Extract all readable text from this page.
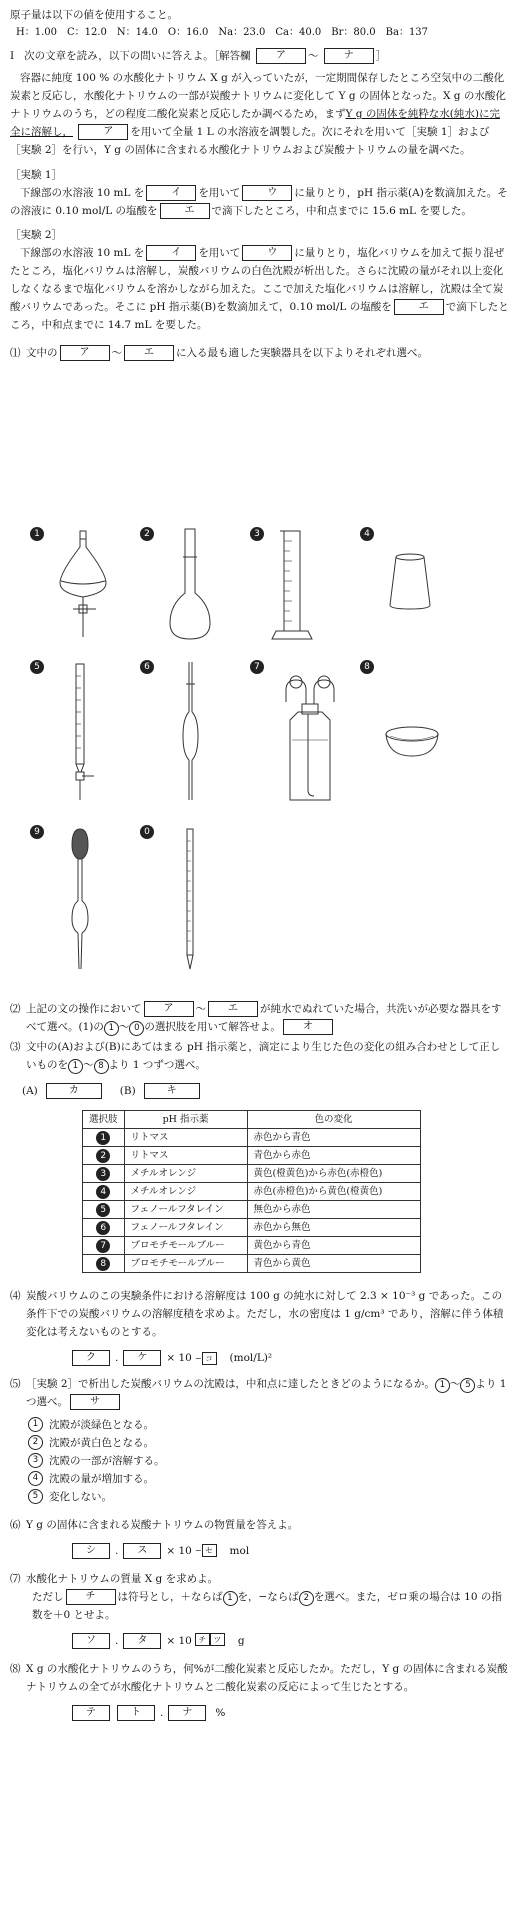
原子量は以下の値を使用すること。

H：1.00　C：12.0　N：14.0　O：16.0　Na：23.0　Ca：40.0　Br：80.0　Ba：137

Ⅰ 次の文章を読み，以下の問いに答えよ。［解答欄	ア 〜	ナ ］

容器に純度 100 % の水酸化ナトリウム X g が入っていたが，一定期間保存したところ空気中の二酸化炭素と反応し，水酸化ナトリウムの一部が炭酸ナトリウムに変化して Y g の固体となった。X g の水酸化ナトリウムのうち，どの程度二酸化炭素と反応したか調べるため，まずY g の固体を純粋な水(純水)に完全に溶解し，	ア を用いて全量 1 L の水溶液を調製した。次にそれを用いて［実験 1］および［実験 2］を行い，Y g の固体に含まれる水酸化ナトリウムおよび炭酸ナトリウムの量を調べた。

［実験 1］

下線部の水溶液 10 mL を	イ を用いて	ウ に量りとり，pH 指示薬(A)を数滴加えた。その溶液に 0.10 mol/L の塩酸を	エ で滴下したところ，中和点までに 15.6 mL を要した。

［実験 2］

下線部の水溶液 10 mL を	イ を用いて	ウ に量りとり，塩化バリウムを加えて振り混ぜたところ，塩化バリウムは溶解し，炭酸バリウムの白色沈殿が析出した。さらに沈殿の量がそれ以上変化しなくなるまで塩化バリウムを溶かしながら加えた。ここで加えた塩化バリウムは溶解し，沈殿は全て炭酸バリウムであった。そこに pH 指示薬(B)を数滴加えて，0.10 mol/L の塩酸を	エ で滴下したところ，中和点までに 14.7 mL を要した。

⑴ 文中の ア 〜 エ に入る最も適した実験器具を以下よりそれぞれ選べ。
1	2	3	4
5	6	7	8
9	0
⑵ 上記の文の操作において ア 〜 エ が純水でぬれていた場合，共洗いが必要な器具をすべて選べ。(1)の 1 〜 0 の選択肢を用いて解答せよ。 オ
⑶ 文中の(A)および(B)にあてはまる pH 指示薬と，滴定により生じた色の変化の組み合わせとして正しいものを 1 〜 8 より 1 つずつ選べ。
(A)	カ	(B)	キ
選択肢	pH 指示薬	色の変化
1	リトマス	赤色から青色
2	リトマス	青色から赤色
3	メチルオレンジ	黄色(橙黄色)から赤色(赤橙色)
4	メチルオレンジ	赤色(赤橙色)から黄色(橙黄色)
5	フェノールフタレイン	無色から赤色
6	フェノールフタレイン	赤色から無色
7	ブロモチモールブルー	黄色から青色
8	ブロモチモールブルー	青色から黄色
⑷ 炭酸バリウムのこの実験条件における溶解度は 100 g の純水に対して 2.3 × 10⁻³ g であった。この条件下での炭酸バリウムの溶解度積を求めよ。ただし，水の密度は 1 g/cm³ であり，溶解に伴う体積変化は考えないものとする。
ク	.	ケ	× 10 − コ	(mol/L)²
⑸ ［実験 2］で析出した炭酸バリウムの沈殿は，中和点に達したときどのようになるか。 1 〜 5 より 1 つ選べ。 サ
1	沈殿が淡緑色となる。
2	沈殿が黄白色となる。
3	沈殿の一部が溶解する。
4	沈殿の量が増加する。
5	変化しない。
⑹ Y g の固体に含まれる炭酸ナトリウムの物質量を答えよ。
シ	.	ス	× 10 − セ	mol
⑺ 水酸化ナトリウムの質量 X g を求めよ。

ただし チ は符号とし，＋ならば 1 を，−ならば 2 を選べ。また，ゼロ乗の場合は 10 の指数を＋0 とせよ。

ソ	.	タ	× 10 チ ツ	g
⑻ X g の水酸化ナトリウムのうち，何%が二酸化炭素と反応したか。ただし，Y g の固体に含まれる炭酸ナトリウムの全てが水酸化ナトリウムと二酸化炭素の反応によって生じたとする。
テ	ト	.	ナ	%
